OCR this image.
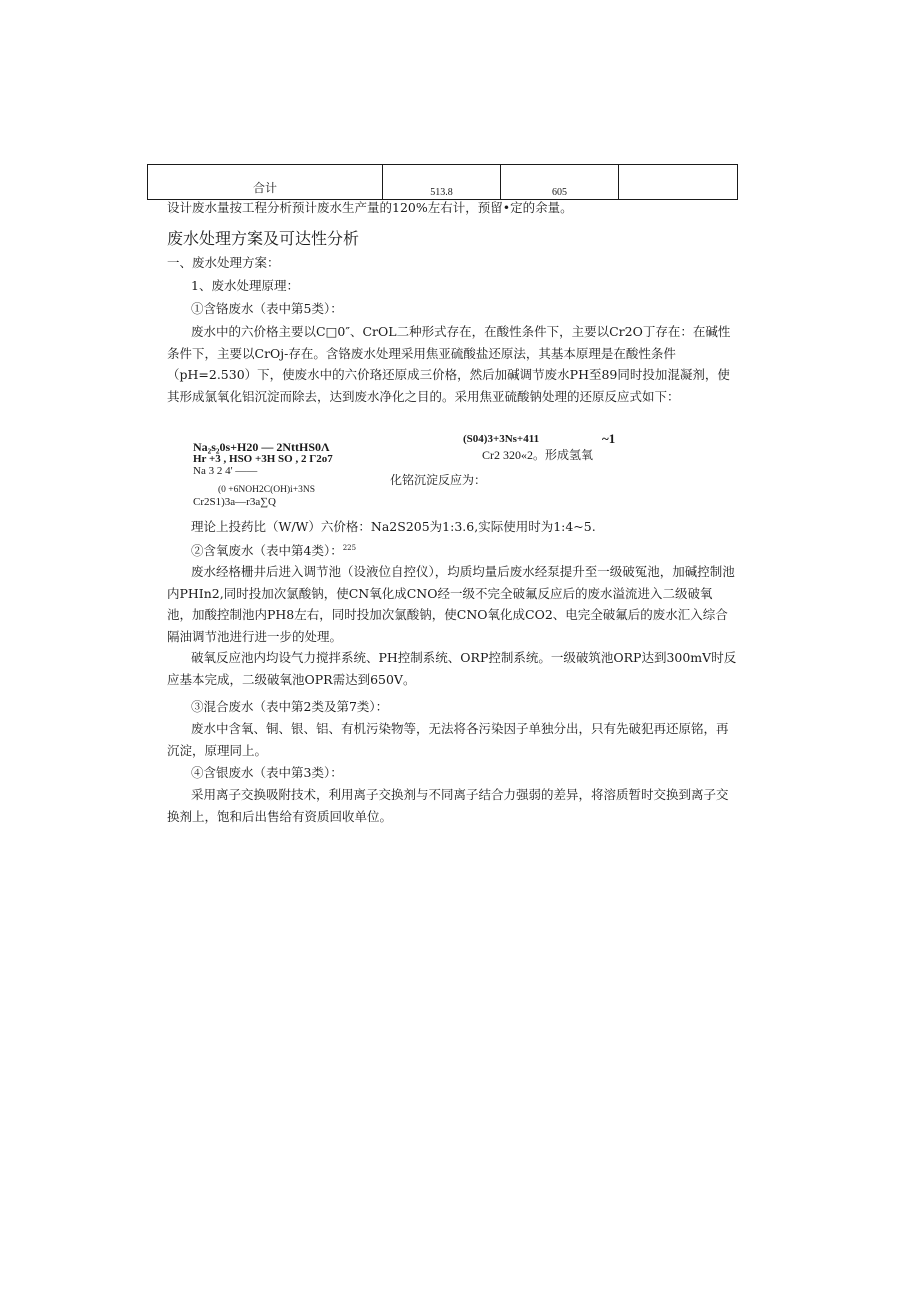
合计	513.8	605	
设计废水量按工程分析预计废水生产量的120%左右计，预留•定的余量。
废水处理方案及可达性分析
一、废水处理方案：
1、废水处理原理：
①含铬废水（表中第5类）：

废水中的六价格主要以C□0″、CrOL二种形式存在，在酸性条件下，主要以Cr2O丁存在：在碱性条件下，主要以CrOj-存在。含铬废水处理采用焦亚硫酸盐还原法，其基本原理是在酸性条件（pH=2.530）下，使废水中的六价珞还原成三价格，然后加碱调节废水PH至89同时投加混凝剂，使其形成氯氧化铝沉淀而除去，达到废水净化之目的。采用焦亚硫酸钠处理的还原反应式如下：

Na₂s₂0s+H20 — 2NttHS0Λ
Hr +3 , HSO +3H SO , 2 Γ2o7
Na 3 2 4' ——
(0 +6NOH2C(OH)i+3NS
Cr2S1)3a—r3a∑Q
(S04)3+3Ns+411	~1
Cr2 320«2。形成氢氧
化铭沉淀反应为：
理论上投药比（W/W）六价格：Na2S205为1:3.6,实际使用时为1:4~5.
②含氧废水（表中第4类）：$^{225}$

废水经格栅井后进入调节池（设液位自控仪），均质均量后废水经泵提升至一级破冤池，加碱控制池内PHIn2,同时投加次氯酸钠，使CN氧化成CNO经一级不完全破氟反应后的废水溢流进入二级破氧池，加酸控制池内PH8左右，同时投加次氯酸钠，使CNO氧化成CO2、电完全破氟后的废水汇入综合隔油调节池进行进一步的处理。

破氧反应池内均设气力搅拌系统、PH控制系统、ORP控制系统。一级破筑池ORP达到300mV时反应基本完成，二级破氧池OPR需达到650V。

③混合废水（表中第2类及第7类）：

废水中含氧、铜、银、铝、有机污染物等，无法将各污染因子单独分出，只有先破犯再还原铭，再沉淀，原理同上。

④含银废水（表中第3类）：

采用离子交换吸附技术，利用离子交换剂与不同离子结合力强弱的差异，将溶质暂时交换到离子交换剂上，饱和后出售给有资质回收单位。
